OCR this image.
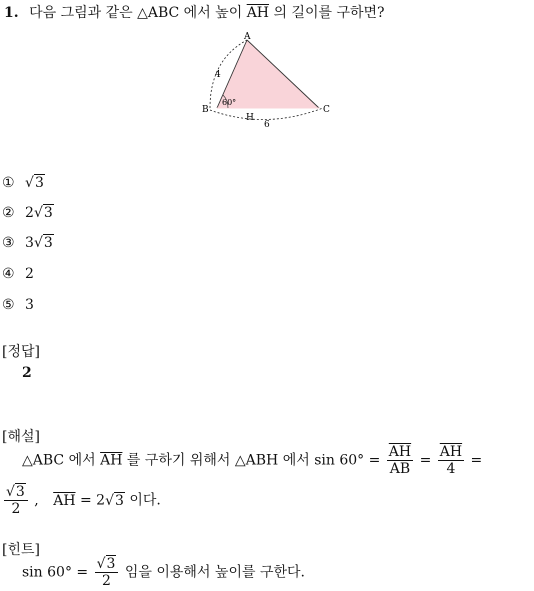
1. 다음 그림과 같은 △ABC 에서 높이 $\overline{AH}$ 의 길이를 구하면?
A
B	C
H
4
6
60°
① √ 3
② 2 √ 3
③ 3 √ 3
④ 2
⑤ 3
[정답]
2
[해설]
△ABC 에서 $\overline{AH}$ 를 구하기 위해서 △ABH 에서 $\sin 60^\circ = \frac{\overline{AH}}{AB} = \frac{\overline{AH}}{4}$ =
√ $\frac{3}{2}$ , $\overline{AH} = 2$ √ 3 이다.
[힌트]
sin 60° = √ $\frac{3}{2}$ 임을 이용해서 높이를 구한다.
